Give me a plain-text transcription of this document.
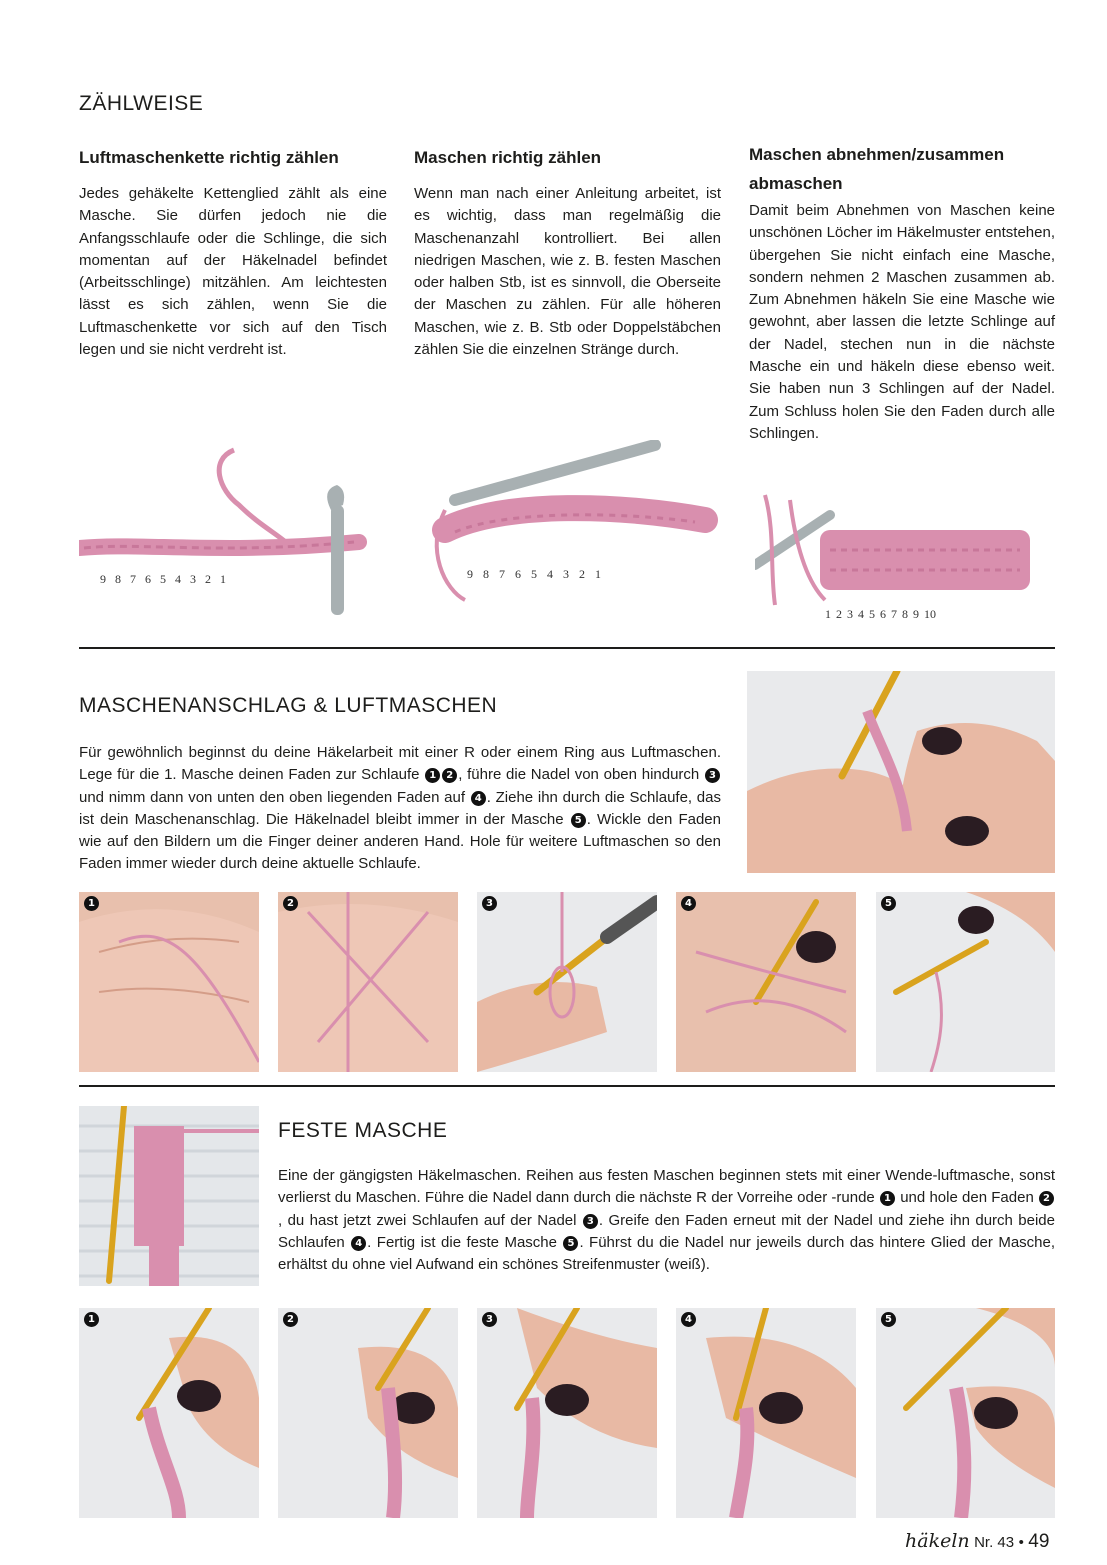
ZÄHLWEISE
Luftmaschenkette richtig zählen

Jedes gehäkelte Kettenglied zählt als eine Masche. Sie dürfen jedoch nie die Anfangsschlaufe oder die Schlinge, die sich momentan auf der Häkelnadel befindet (Arbeitsschlinge) mitzählen. Am leichtesten lässt es sich zählen, wenn Sie die Luftmaschenkette vor sich auf den Tisch legen und sie nicht verdreht ist.

Maschen richtig zählen

Wenn man nach einer Anleitung arbeitet, ist es wichtig, dass man regelmäßig die Maschenanzahl kontrolliert. Bei allen niedrigen Maschen, wie z. B. festen Maschen oder halben Stb, ist es sinnvoll, die Oberseite der Maschen zu zählen. Für alle höheren Maschen, wie z. B. Stb oder Doppelstäbchen zählen Sie die einzelnen Stränge durch.

Maschen abnehmen/zusammen abmaschen

Damit beim Abnehmen von Maschen keine unschönen Löcher im Häkelmuster entstehen, übergehen Sie nicht einfach eine Masche, sondern nehmen 2 Maschen zusammen ab. Zum Abnehmen häkeln Sie eine Masche wie gewohnt, aber lassen die letzte Schlinge auf der Nadel, stechen nun in die nächste Masche ein und häkeln diese ebenso weit. Sie haben nun 3 Schlingen auf der Nadel. Zum Schluss holen Sie den Faden durch alle Schlingen.

9 8 7 6 5 4 3 2 1	9 8 7 6 5 4 3 2 1
1 2 3 4 5 6 7 8 9 10
MASCHENANSCHLAG & LUFTMASCHEN

Für gewöhnlich beginnst du deine Häkelarbeit mit einer R oder einem Ring aus Luftmaschen. Lege für die 1. Masche deinen Faden zur Schlaufe 1 2 , führe die Nadel von oben hindurch 3 und nimm dann von unten den oben liegenden Faden auf 4 . Ziehe ihn durch die Schlaufe, das ist dein Maschenanschlag. Die Häkelnadel bleibt immer in der Masche 5 . Wickle den Faden wie auf den Bildern um die Finger deiner anderen Hand. Hole für weitere Luftmaschen so den Faden immer wieder durch deine aktuelle Schlaufe.

1	2	3	4	5
FESTE MASCHE

Eine der gängigsten Häkelmaschen. Reihen aus festen Maschen beginnen stets mit einer Wende-luftmasche, sonst verlierst du Maschen. Führe die Nadel dann durch die nächste R der Vorreihe oder -runde 1 und hole den Faden 2, du hast jetzt zwei Schlaufen auf der Nadel 3 . Greife den Faden erneut mit der Nadel und ziehe ihn durch beide Schlaufen 4 . Fertig ist die feste Masche 5 . Führst du die Nadel nur jeweils durch das hintere Glied der Masche, erhältst du ohne viel Aufwand ein schönes Streifenmuster (weiß).

1	2	3	4	5
häkeln Nr. 43 • 49
